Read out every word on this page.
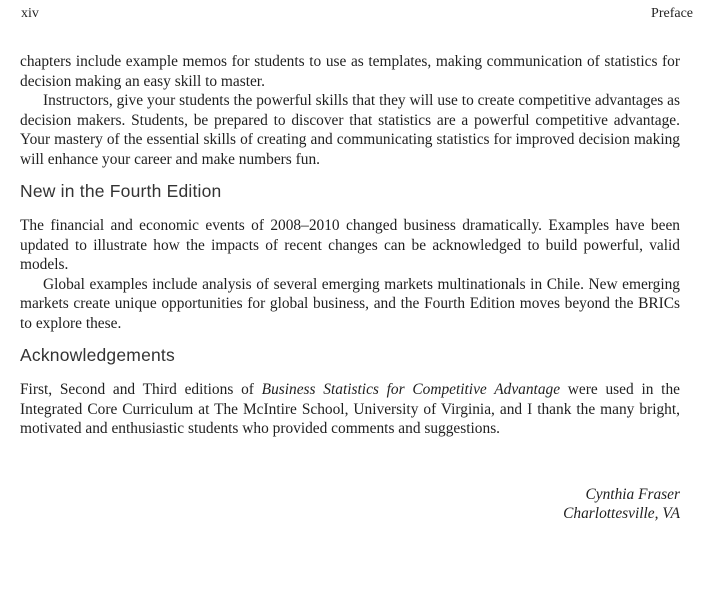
xiv	Preface

chapters include example memos for students to use as templates, making communication of statistics for decision making an easy skill to master.

Instructors, give your students the powerful skills that they will use to create competitive advantages as decision makers. Students, be prepared to discover that statistics are a powerful competitive advantage. Your mastery of the essential skills of creating and communicating statistics for improved decision making will enhance your career and make numbers fun.

New in the Fourth Edition

The financial and economic events of 2008–2010 changed business dramatically. Examples have been updated to illustrate how the impacts of recent changes can be acknowledged to build powerful, valid models.

Global examples include analysis of several emerging markets multinationals in Chile. New emerging markets create unique opportunities for global business, and the Fourth Edition moves beyond the BRICs to explore these.

Acknowledgements

First, Second and Third editions of Business Statistics for Competitive Advantage were used in the Integrated Core Curriculum at The McIntire School, University of Virginia, and I thank the many bright, motivated and enthusiastic students who provided comments and suggestions.

Cynthia Fraser
Charlottesville, VA
